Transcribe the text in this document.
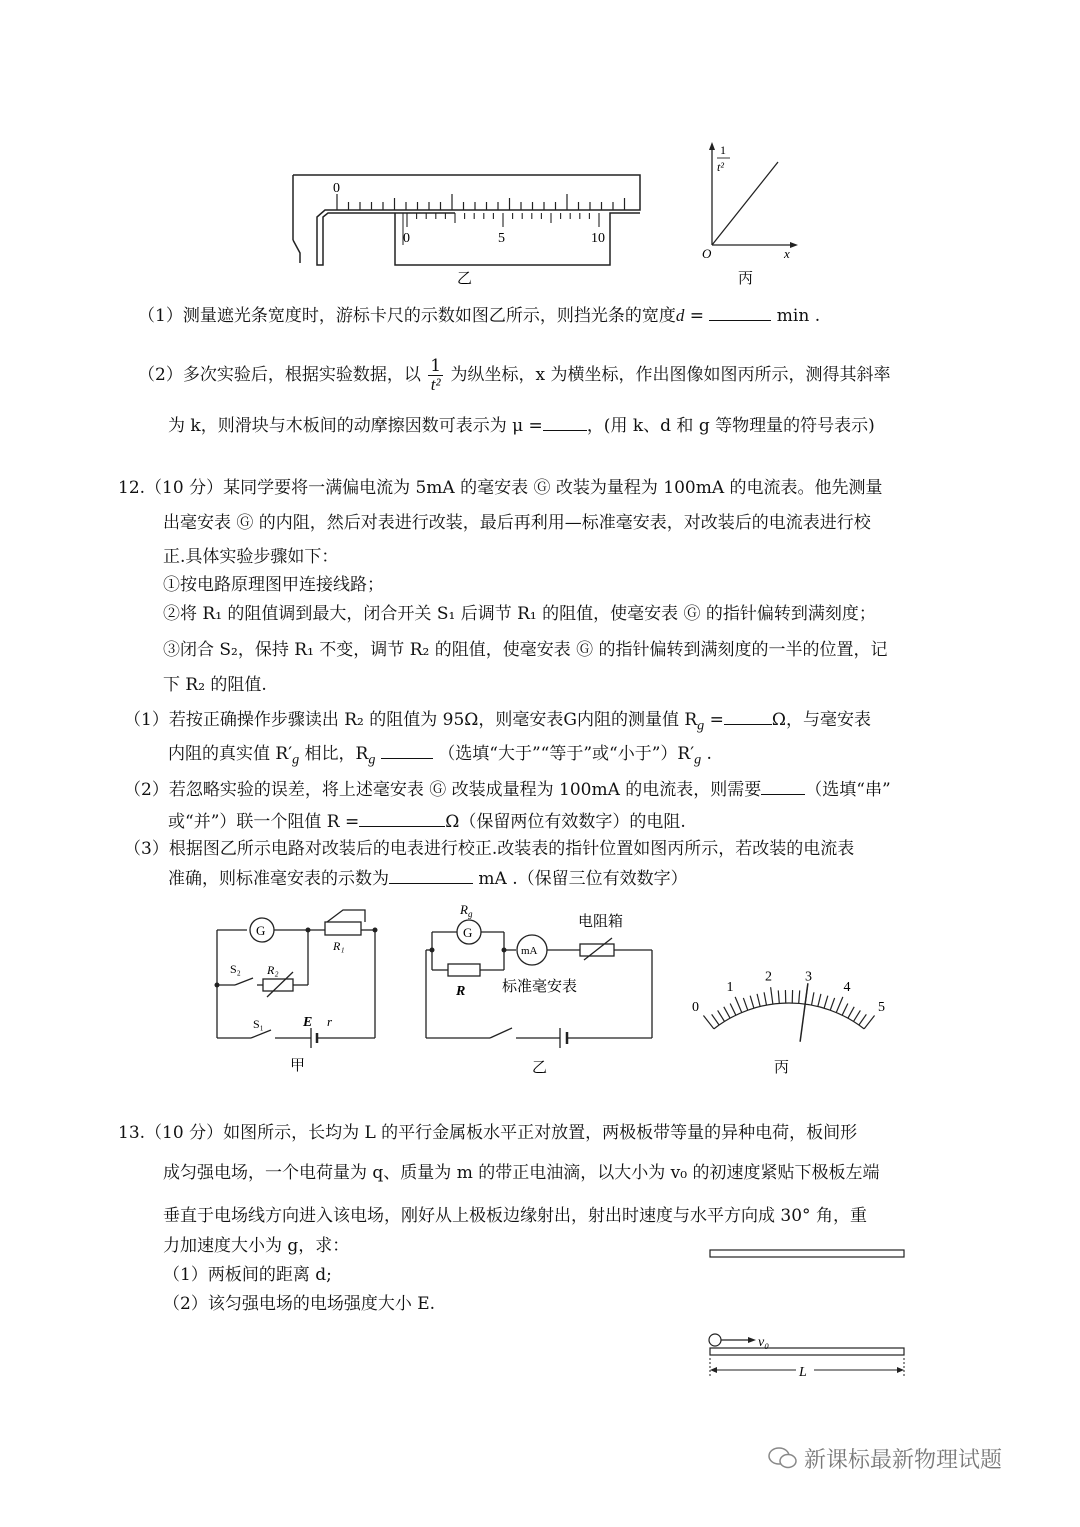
0
0	5	10
乙
1
t²
O	x
丙
（1）测量遮光条宽度时，游标卡尺的示数如图乙所示，则挡光条的宽度d =	min .
（2）多次实验后，根据实验数据，以 $\frac{1}{\text{t²}}$ 为纵坐标，x 为横坐标，作出图像如图丙所示，测得其斜率
为 k，则滑块与木板间的动摩擦因数可表示为 μ =	，(用 k、d 和 g 等物理量的符号表示)
12.（10 分）某同学要将一满偏电流为 5mA 的毫安表 Ⓖ 改装为量程为 100mA 的电流表。他先测量
出毫安表 Ⓖ 的内阻，然后对表进行改装，最后再利用—标准毫安表，对改装后的电流表进行校
正.具体实验步骤如下：
①按电路原理图甲连接线路；
②将 R₁ 的阻值调到最大，闭合开关 S₁ 后调节 R₁ 的阻值，使毫安表 Ⓖ 的指针偏转到满刻度；
③闭合 S₂，保持 R₁ 不变，调节 R₂ 的阻值，使毫安表 Ⓖ 的指针偏转到满刻度的一半的位置，记
下 R₂ 的阻值.
（1）若按正确操作步骤读出 R₂ 的阻值为 95Ω，则毫安表G内阻的测量值 $R_g$ =	Ω，与毫安表
内阻的真实值 $R'_g$ 相比，$R_g$	（选填“大于”“等于”或“小于$”)R'_g$ .
（2）若忽略实验的误差，将上述毫安表 Ⓖ 改装成量程为 100mA 的电流表，则需要	（选填“串”
或“并”）联一个阻值 R =	Ω（保留两位有效数字）的电阻.
（3）根据图乙所示电路对改装后的电表进行校正.改装表的指针位置如图丙所示，若改装的电流表
准确，则标准毫安表的示数为	mA .（保留三位有效数字）
G
R₁
S₂ R₂
S₁	E r
甲
$R_g$
G
mA
电阻箱
R 标准毫安表
乙
0
1
2 3
4
5
丙
13.（10 分）如图所示，长均为 L 的平行金属板水平正对放置，两极板带等量的异种电荷，板间形
成匀强电场，一个电荷量为 q、质量为 m 的带正电油滴，以大小为 v₀ 的初速度紧贴下极板左端
垂直于电场线方向进入该电场，刚好从上极板边缘射出，射出时速度与水平方向成 30° 角，重
力加速度大小为 g，求：
（1）两板间的距离 d;
（2）该匀强电场的电场强度大小 E.
v₀
L
新课标最新物理试题
